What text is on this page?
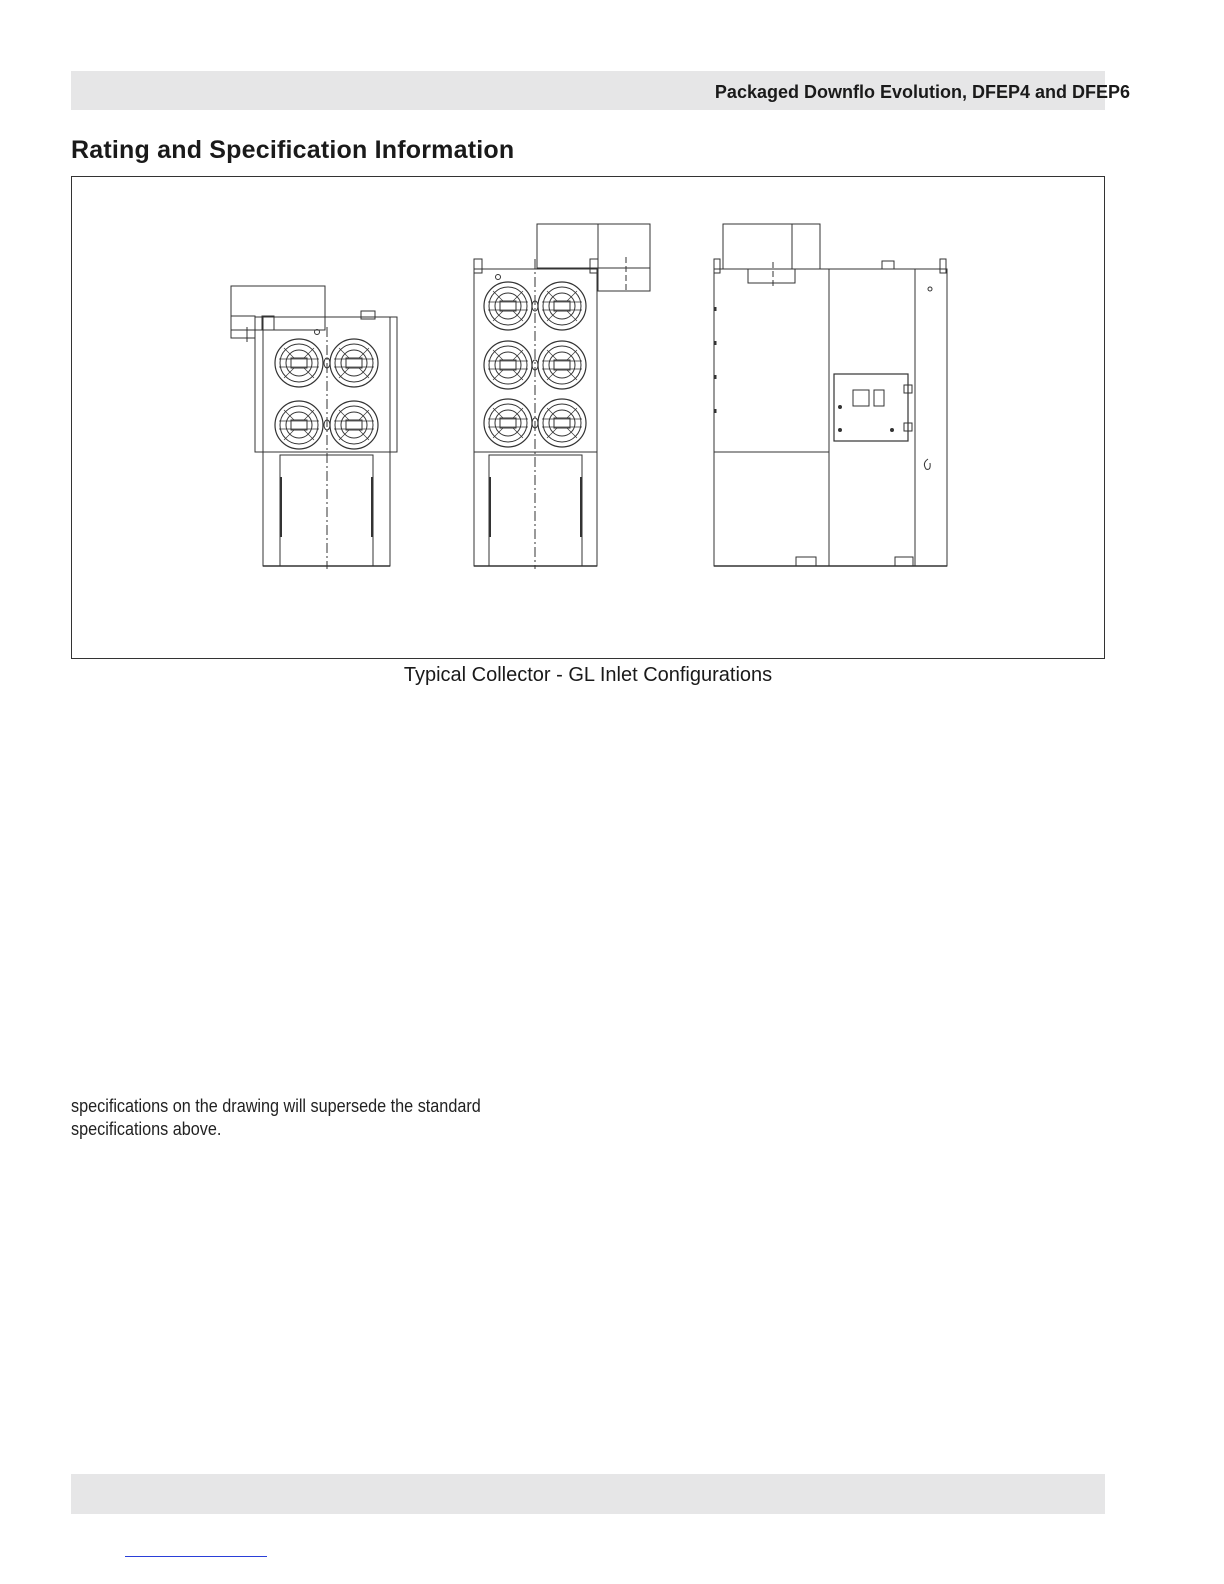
Packaged Downflo Evolution, DFEP4 and DFEP6
Rating and Specification Information
Typical Collector - GL Inlet Configurations
specifications on the drawing will supersede the standard specifications above.
